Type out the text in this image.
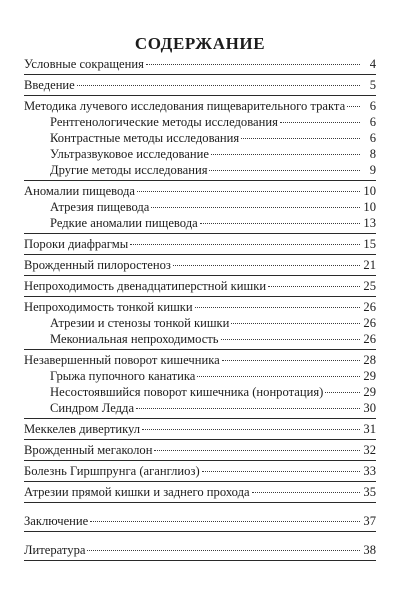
СОДЕРЖАНИЕ
Условные сокращения	4
Введение	5
Методика лучевого исследования пищеварительного тракта	6
Рентгенологические методы исследования	6
Контрастные методы исследования	6
Ультразвуковое исследование	8
Другие методы исследования	9
Аномалии пищевода	10
Атрезия пищевода	10
Редкие аномалии пищевода	13
Пороки диафрагмы	15
Врожденный пилоростеноз	21
Непроходимость двенадцатиперстной кишки	25
Непроходимость тонкой кишки	26
Атрезии и стенозы тонкой кишки	26
Мекониальная непроходимость	26
Незавершенный поворот кишечника	28
Грыжа пупочного канатика	29
Несостоявшийся поворот кишечника (нонротация)	29
Синдром Ледда	30
Меккелев дивертикул	31
Врожденный мегаколон	32
Болезнь Гиршпрунга (аганглиоз)	33
Атрезии прямой кишки и заднего прохода	35
Заключение	37
Литература	38
